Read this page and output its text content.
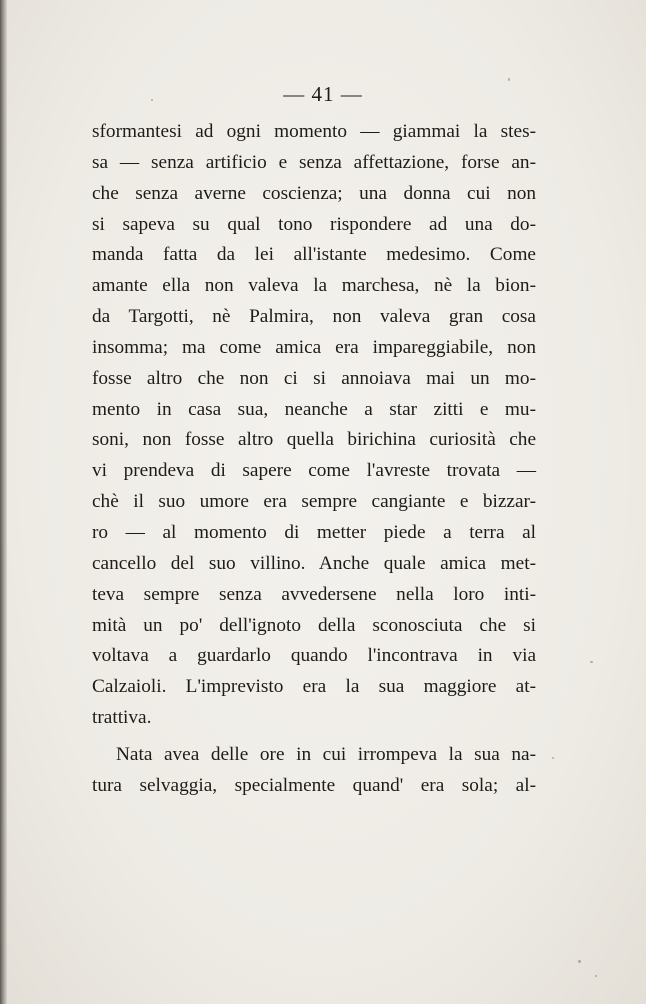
— 41 —
sformantesi ad ogni momento — giammai la stes-
sa — senza artificio e senza affettazione, forse an-
che senza averne coscienza; una donna cui non
si sapeva su qual tono rispondere ad una do-
manda fatta da lei all'istante medesimo. Come
amante ella non valeva la marchesa, nè la bion-
da Targotti, nè Palmira, non valeva gran cosa
insomma; ma come amica era impareggiabile, non
fosse altro che non ci si annoiava mai un mo-
mento in casa sua, neanche a star zitti e mu-
soni, non fosse altro quella birichina curiosità che
vi prendeva di sapere come l'avreste trovata —
chè il suo umore era sempre cangiante e bizzar-
ro — al momento di metter piede a terra al
cancello del suo villino. Anche quale amica met-
teva sempre senza avvedersene nella loro inti-
mità un po' dell'ignoto della sconosciuta che si
voltava a guardarlo quando l'incontrava in via
Calzaioli. L'imprevisto era la sua maggiore at-
trattiva.
Nata avea delle ore in cui irrompeva la sua na-
tura selvaggia, specialmente quand' era sola; al-
